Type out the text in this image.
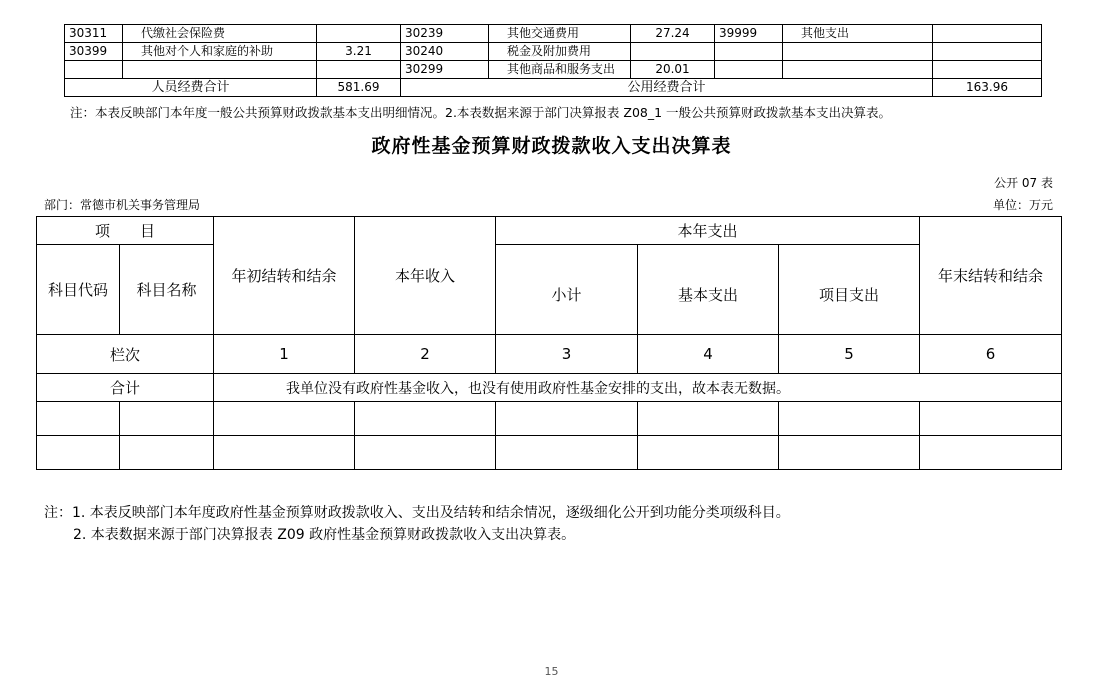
30311	代缴社会保险费		30239	其他交通费用	27.24	39999	其他支出	
30399	其他对个人和家庭的补助	3.21	30240	税金及附加费用				
			30299	其他商品和服务支出	20.01			
人员经费合计		581.69	公用经费合计					163.96
注：本表反映部门本年度一般公共预算财政拨款基本支出明细情况。2.本表数据来源于部门决算报表 Z08_1 一般公共预算财政拨款基本支出决算表。
政府性基金预算财政拨款收入支出决算表
公开 07 表
部门：常德市机关事务管理局	单位：万元
项　　目		年初结转和结余	本年收入	本年支出			年末结转和结余
科目代码	科目名称			小计	基本支出	项目支出	
栏次		1	2	3	4	5	6
合计		我单位没有政府性基金收入，也没有使用政府性基金安排的支出，故本表无数据。					

注：1. 本表反映部门本年度政府性基金预算财政拨款收入、支出及结转和结余情况，逐级细化公开到功能分类项级科目。
2. 本表数据来源于部门决算报表 Z09 政府性基金预算财政拨款收入支出决算表。
15
